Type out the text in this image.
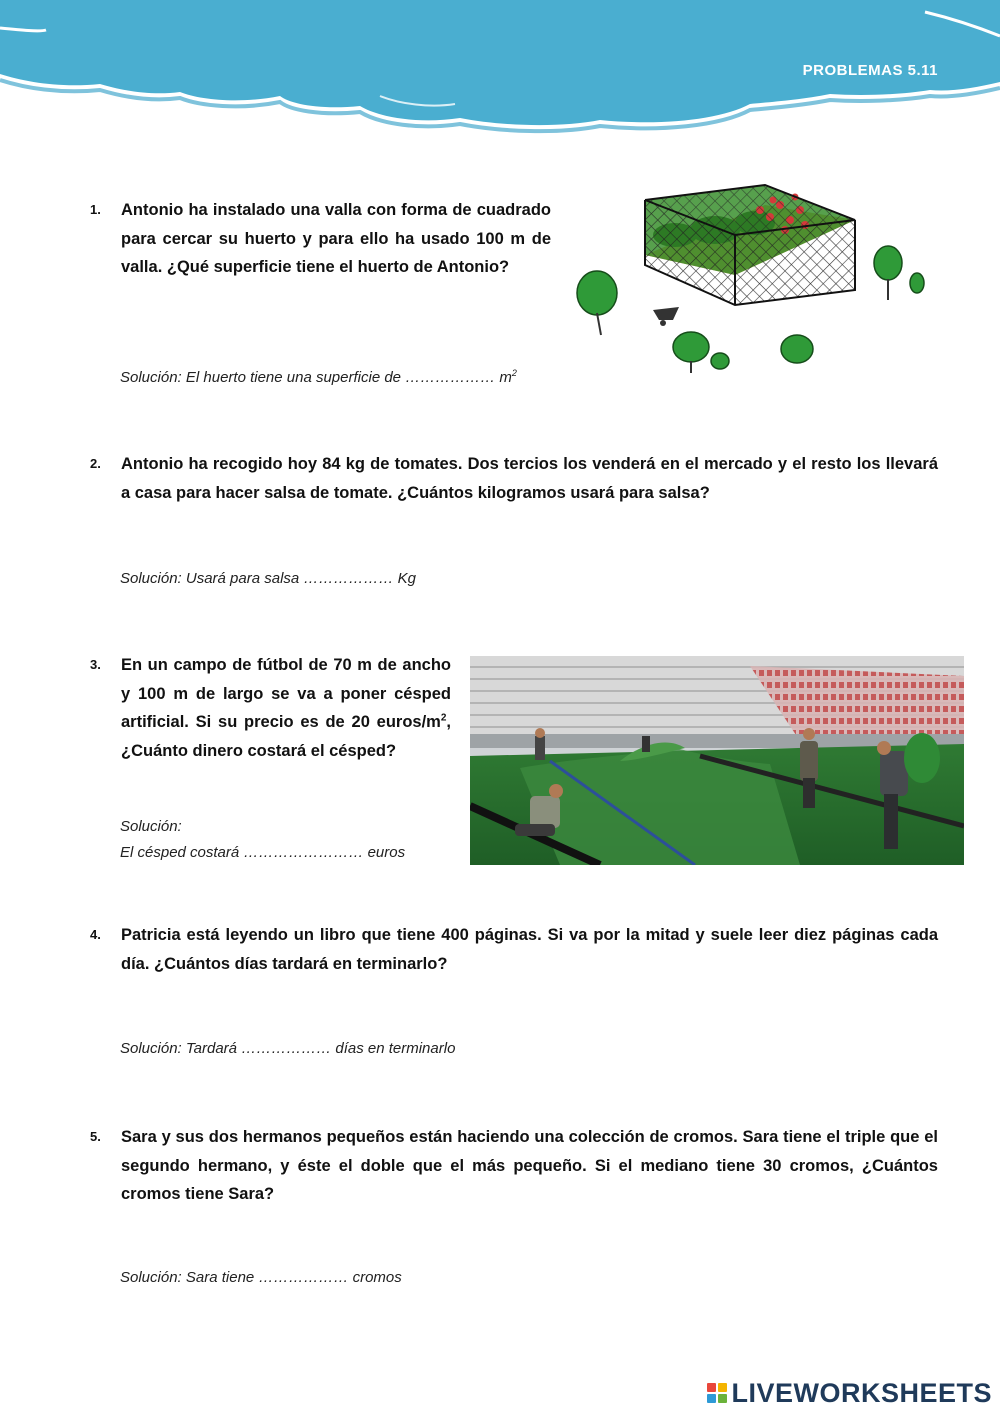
PROBLEMAS 5.11
1.	Antonio ha instalado una valla con forma de cuadrado para cercar su huerto y para ello ha usado 100 m de valla. ¿Qué superficie tiene el huerto de Antonio?
Solución: El huerto tiene una superficie de ……………… $m^2$
2.	Antonio ha recogido hoy 84 kg de tomates. Dos tercios los venderá en el mercado y el resto los llevará a casa para hacer salsa de tomate. ¿Cuántos kilogramos usará para salsa?
Solución: Usará para salsa ……………… Kg
3.	En un campo de fútbol de 70 m de ancho y 100 m de largo se va a poner césped artificial. Si su precio es de 20 euros/$m^2$, ¿Cuánto dinero costará el césped?
Solución:
El césped costará …………………… euros
4.	Patricia está leyendo un libro que tiene 400 páginas. Si va por la mitad y suele leer diez páginas cada día. ¿Cuántos días tardará en terminarlo?
Solución: Tardará ……………… días en terminarlo
5.	Sara y sus dos hermanos pequeños están haciendo una colección de cromos. Sara tiene el triple que el segundo hermano, y éste el doble que el más pequeño. Si el mediano tiene 30 cromos, ¿Cuántos cromos tiene Sara?
Solución: Sara tiene ……………… cromos
LIVEWORKSHEETS
